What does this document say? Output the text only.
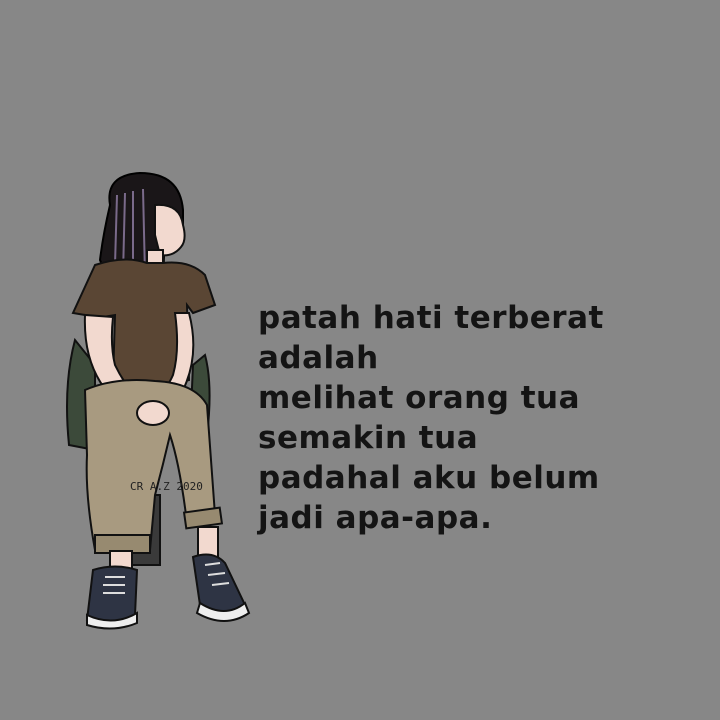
CR A.Z 2020

patah hati terberat
adalah
melihat orang tua
semakin tua
padahal aku belum
jadi apa-apa.
